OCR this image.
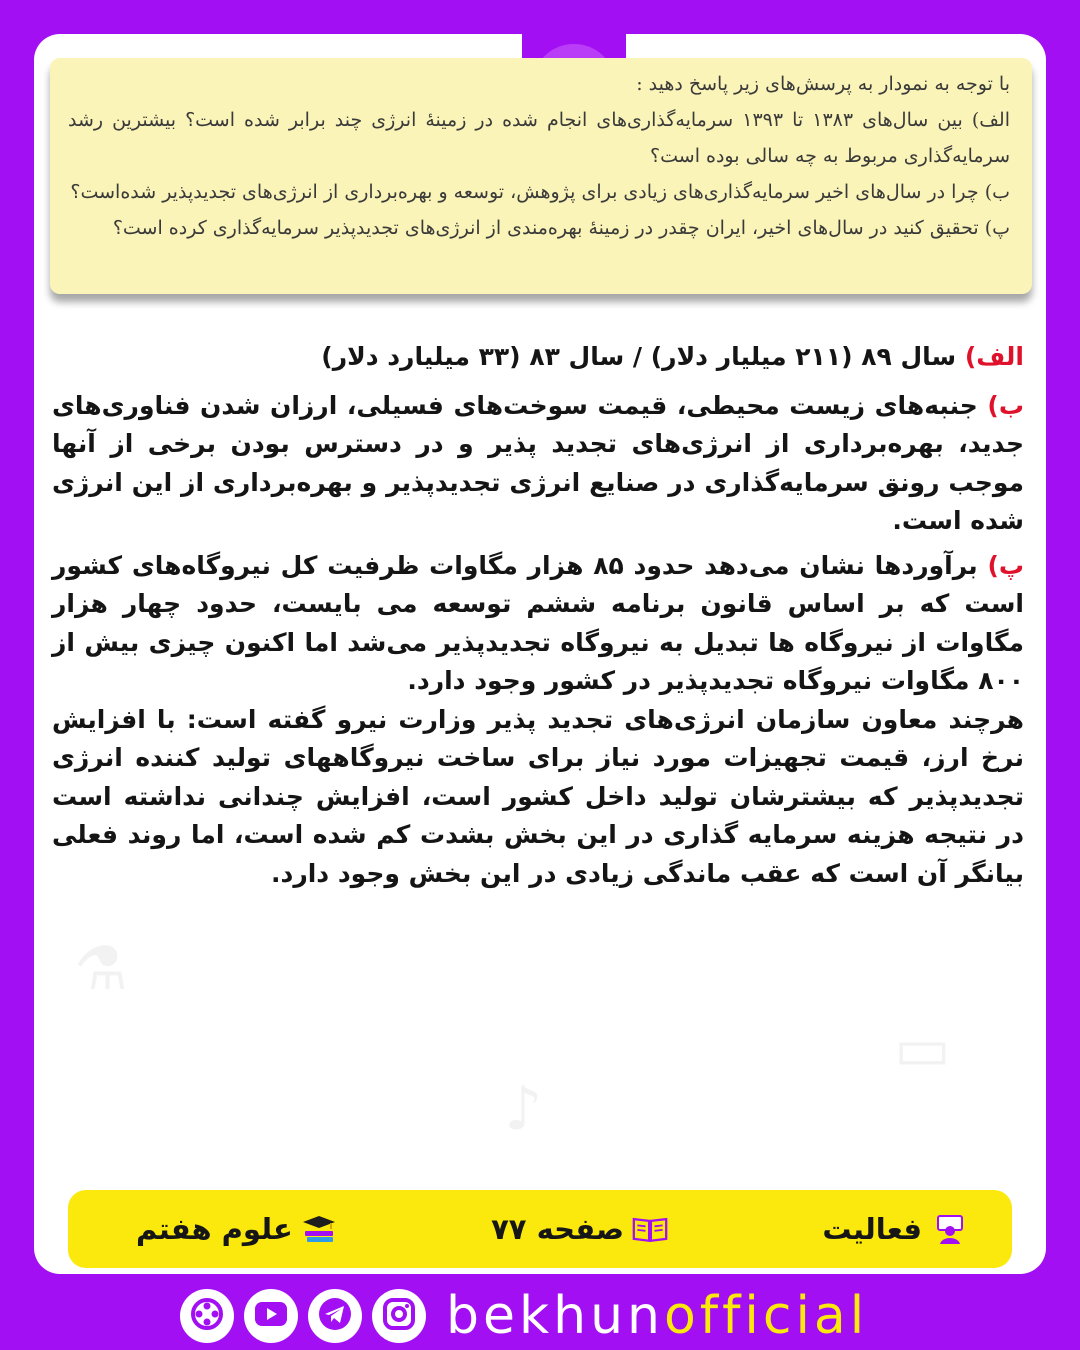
⚗
▭
♪
با توجه به نمودار به پرسش‌های زیر پاسخ دهید :
الف) بین سال‌های ۱۳۸۳ تا ۱۳۹۳ سرمایه‌گذاری‌های انجام شده در زمینهٔ انرژی چند برابر شده است؟ بیشترین رشد سرمایه‌گذاری مربوط به چه سالی بوده است؟
ب) چرا در سال‌های اخیر سرمایه‌گذاری‌های زیادی برای پژوهش، توسعه و بهره‌برداری از انرژی‌های تجدیدپذیر شده‌است؟
پ) تحقیق کنید در سال‌های اخیر، ایران چقدر در زمینهٔ بهره‌مندی از انرژی‌های تجدیدپذیر سرمایه‌گذاری کرده است؟
الف) سال ۸۹ (۲۱۱ میلیار دلار) / سال ۸۳ (۳۳ میلیارد دلار)
ب) جنبه‌های زیست محیطی، قیمت سوخت‌های فسیلی، ارزان شدن فناوری‌های جدید، بهره‌برداری از انرژی‌های تجدید پذیر و در دسترس بودن برخی از آنها موجب رونق سرمایه‌گذاری در صنایع انرژی تجدیدپذیر و بهره‌برداری از این انرژی شده است.
پ) برآوردها نشان می‌دهد حدود ۸۵ هزار مگاوات ظرفیت کل نیروگاه‌های کشور است که بر اساس قانون برنامه ششم توسعه می بایست، حدود چهار هزار مگاوات از نیروگاه ها تبدیل به نیروگاه تجدیدپذیر می‌شد اما اکنون چیزی بیش از ۸۰۰ مگاوات نیروگاه تجدیدپذیر در کشور وجود دارد.
هرچند معاون سازمان انرژی‌های تجدید پذیر وزارت نیرو گفته است: با افزایش نرخ ارز، قیمت تجهیزات مورد نیاز برای ساخت نیروگاههای تولید کننده انرژی تجدیدپذیر که بیشترشان تولید داخل کشور است، افزایش چندانی نداشته است در نتیجه هزینه سرمایه گذاری در این بخش بشدت کم شده است، اما روند فعلی بیانگر آن است که عقب ماندگی زیادی در این بخش وجود دارد.
فعالیت
صفحه ۷۷
علوم هفتم
bekhunofficial
